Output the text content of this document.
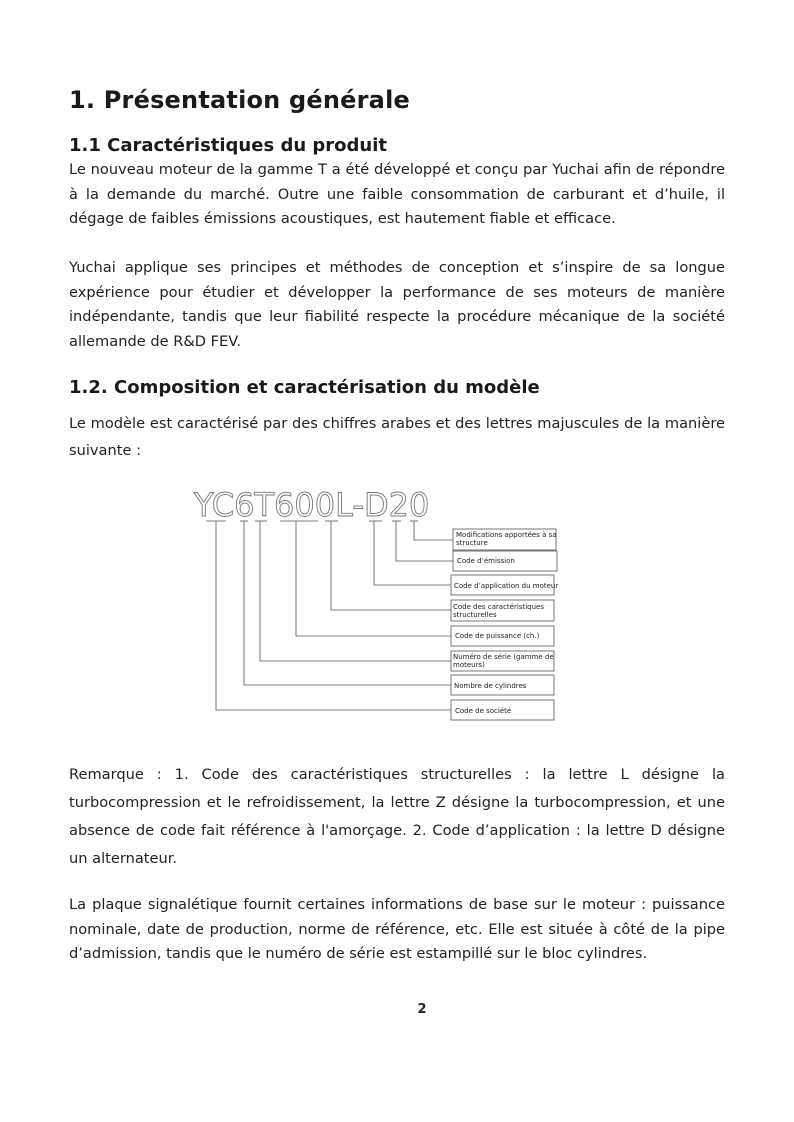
1. Présentation générale
1.1 Caractéristiques du produit

Le nouveau moteur de la gamme T a été développé et conçu par Yuchai afin de répondre à la demande du marché. Outre une faible consommation de carburant et d’huile, il dégage de faibles émissions acoustiques, est hautement fiable et efficace.

Yuchai applique ses principes et méthodes de conception et s’inspire de sa longue expérience pour étudier et développer la performance de ses moteurs de manière indépendante, tandis que leur fiabilité respecte la procédure mécanique de la société allemande de R&D FEV.

1.2. Composition et caractérisation du modèle

Le modèle est caractérisé par des chiffres arabes et des lettres majuscules de la manière suivante :

YC6T600L-D20
Modifications apportées à sa structure
Code d’émission
Code d’application du moteur
Code des caractéristiques structurelles
Code de puissance (ch.)
Numéro de série (gamme de moteurs)
Nombre de cylindres
Code de société

Remarque : 1. Code des caractéristiques structurelles : la lettre L désigne la turbocompression et le refroidissement, la lettre Z désigne la turbocompression, et une absence de code fait référence à l'amorçage. 2. Code d’application : la lettre D désigne un alternateur.

La plaque signalétique fournit certaines informations de base sur le moteur : puissance nominale, date de production, norme de référence, etc. Elle est située à côté de la pipe d’admission, tandis que le numéro de série est estampillé sur le bloc cylindres.

2
